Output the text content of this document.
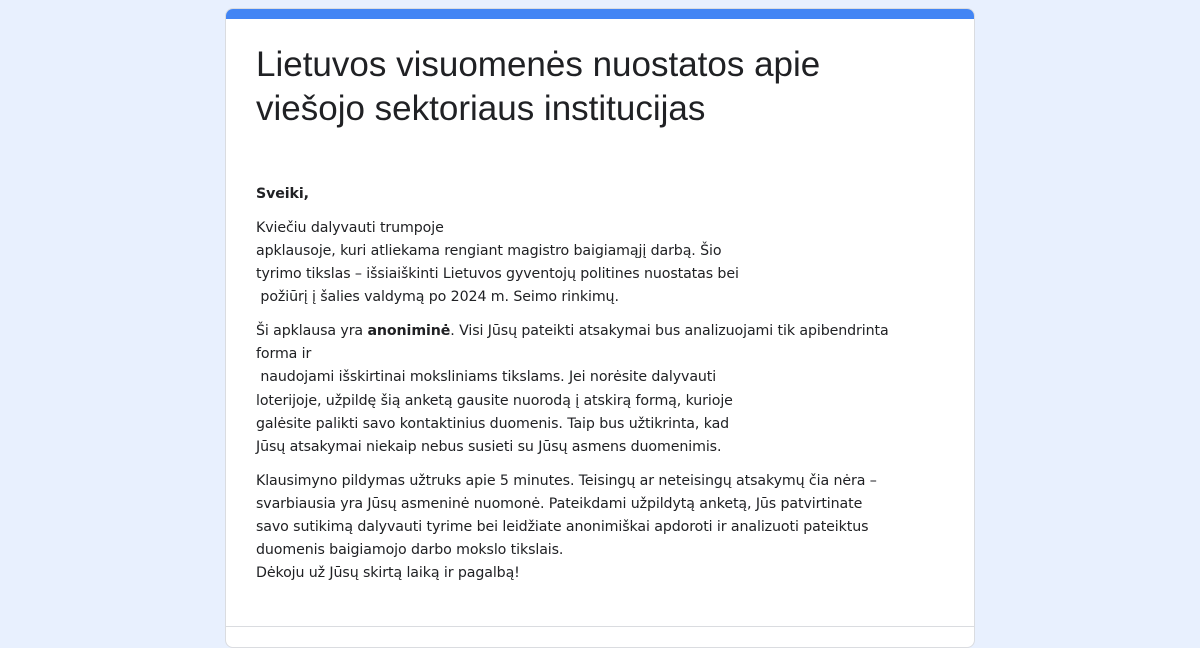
Lietuvos visuomenės nuostatos apie viešojo sektoriaus institucijas
Sveiki,
Kviečiu dalyvauti trumpoje
apklausoje, kuri atliekama rengiant magistro baigiamąjį darbą. Šio
tyrimo tikslas – išsiaiškinti Lietuvos gyventojų politines nuostatas bei
požiūrį į šalies valdymą po 2024 m. Seimo rinkimų.
Ši apklausa yra anoniminė. Visi Jūsų pateikti atsakymai bus analizuojami tik apibendrinta
forma ir
naudojami išskirtinai moksliniams tikslams. Jei norėsite dalyvauti
loterijoje, užpildę šią anketą gausite nuorodą į atskirą formą, kurioje
galėsite palikti savo kontaktinius duomenis. Taip bus užtikrinta, kad
Jūsų atsakymai niekaip nebus susieti su Jūsų asmens duomenimis.
Klausimyno pildymas užtruks apie 5 minutes. Teisingų ar neteisingų atsakymų čia nėra –
svarbiausia yra Jūsų asmeninė nuomonė. Pateikdami užpildytą anketą, Jūs patvirtinate
savo sutikimą dalyvauti tyrime bei leidžiate anonimiškai apdoroti ir analizuoti pateiktus
duomenis baigiamojo darbo mokslo tikslais.
Dėkoju už Jūsų skirtą laiką ir pagalbą!
